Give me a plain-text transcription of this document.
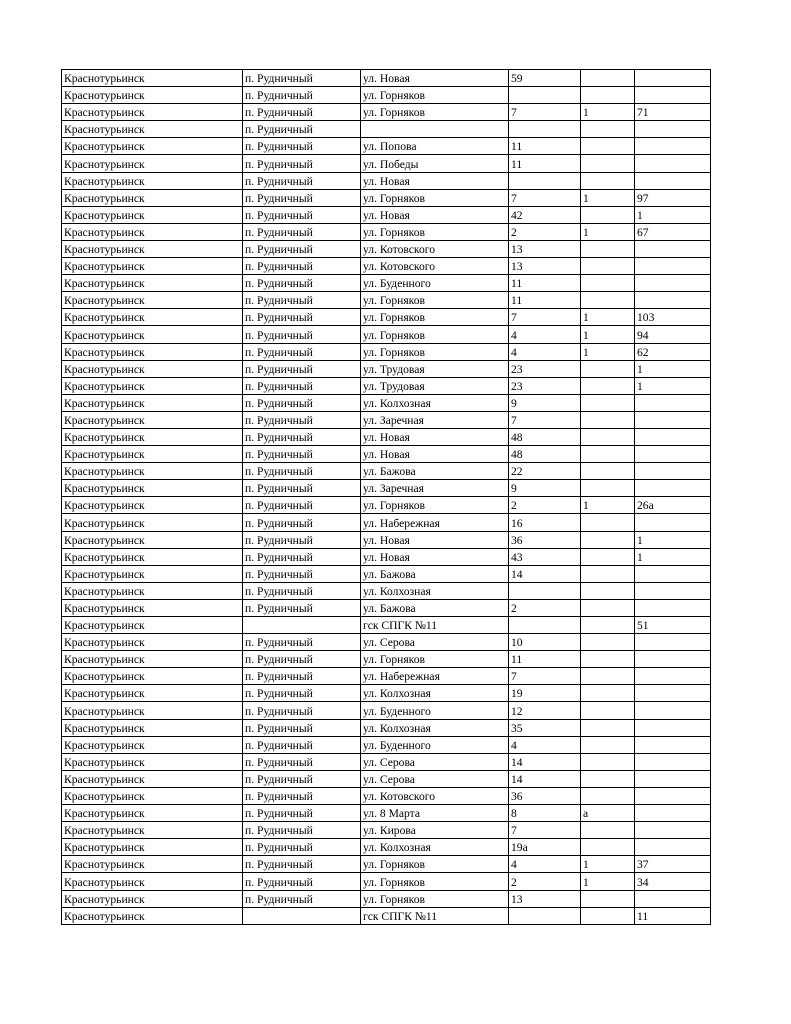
Краснотурьинск	п. Рудничный	ул. Новая	59		
Краснотурьинск	п. Рудничный	ул. Горняков			
Краснотурьинск	п. Рудничный	ул. Горняков	7	1	71
Краснотурьинск	п. Рудничный				
Краснотурьинск	п. Рудничный	ул. Попова	11		
Краснотурьинск	п. Рудничный	ул. Победы	11		
Краснотурьинск	п. Рудничный	ул. Новая			
Краснотурьинск	п. Рудничный	ул. Горняков	7	1	97
Краснотурьинск	п. Рудничный	ул. Новая	42		1
Краснотурьинск	п. Рудничный	ул. Горняков	2	1	67
Краснотурьинск	п. Рудничный	ул. Котовского	13		
Краснотурьинск	п. Рудничный	ул. Котовского	13		
Краснотурьинск	п. Рудничный	ул. Буденного	11		
Краснотурьинск	п. Рудничный	ул. Горняков	11		
Краснотурьинск	п. Рудничный	ул. Горняков	7	1	103
Краснотурьинск	п. Рудничный	ул. Горняков	4	1	94
Краснотурьинск	п. Рудничный	ул. Горняков	4	1	62
Краснотурьинск	п. Рудничный	ул. Трудовая	23		1
Краснотурьинск	п. Рудничный	ул. Трудовая	23		1
Краснотурьинск	п. Рудничный	ул. Колхозная	9		
Краснотурьинск	п. Рудничный	ул. Заречная	7		
Краснотурьинск	п. Рудничный	ул. Новая	48		
Краснотурьинск	п. Рудничный	ул. Новая	48		
Краснотурьинск	п. Рудничный	ул. Бажова	22		
Краснотурьинск	п. Рудничный	ул. Заречная	9		
Краснотурьинск	п. Рудничный	ул. Горняков	2	1	26а
Краснотурьинск	п. Рудничный	ул. Набережная	16		
Краснотурьинск	п. Рудничный	ул. Новая	36		1
Краснотурьинск	п. Рудничный	ул. Новая	43		1
Краснотурьинск	п. Рудничный	ул. Бажова	14		
Краснотурьинск	п. Рудничный	ул. Колхозная			
Краснотурьинск	п. Рудничный	ул. Бажова	2		
Краснотурьинск		гск СПГК №11			51
Краснотурьинск	п. Рудничный	ул. Серова	10		
Краснотурьинск	п. Рудничный	ул. Горняков	11		
Краснотурьинск	п. Рудничный	ул. Набережная	7		
Краснотурьинск	п. Рудничный	ул. Колхозная	19		
Краснотурьинск	п. Рудничный	ул. Буденного	12		
Краснотурьинск	п. Рудничный	ул. Колхозная	35		
Краснотурьинск	п. Рудничный	ул. Буденного	4		
Краснотурьинск	п. Рудничный	ул. Серова	14		
Краснотурьинск	п. Рудничный	ул. Серова	14		
Краснотурьинск	п. Рудничный	ул. Котовского	36		
Краснотурьинск	п. Рудничный	ул. 8 Марта	8	а	
Краснотурьинск	п. Рудничный	ул. Кирова	7		
Краснотурьинск	п. Рудничный	ул. Колхозная	19а		
Краснотурьинск	п. Рудничный	ул. Горняков	4	1	37
Краснотурьинск	п. Рудничный	ул. Горняков	2	1	34
Краснотурьинск	п. Рудничный	ул. Горняков	13		
Краснотурьинск		гск СПГК №11			11
